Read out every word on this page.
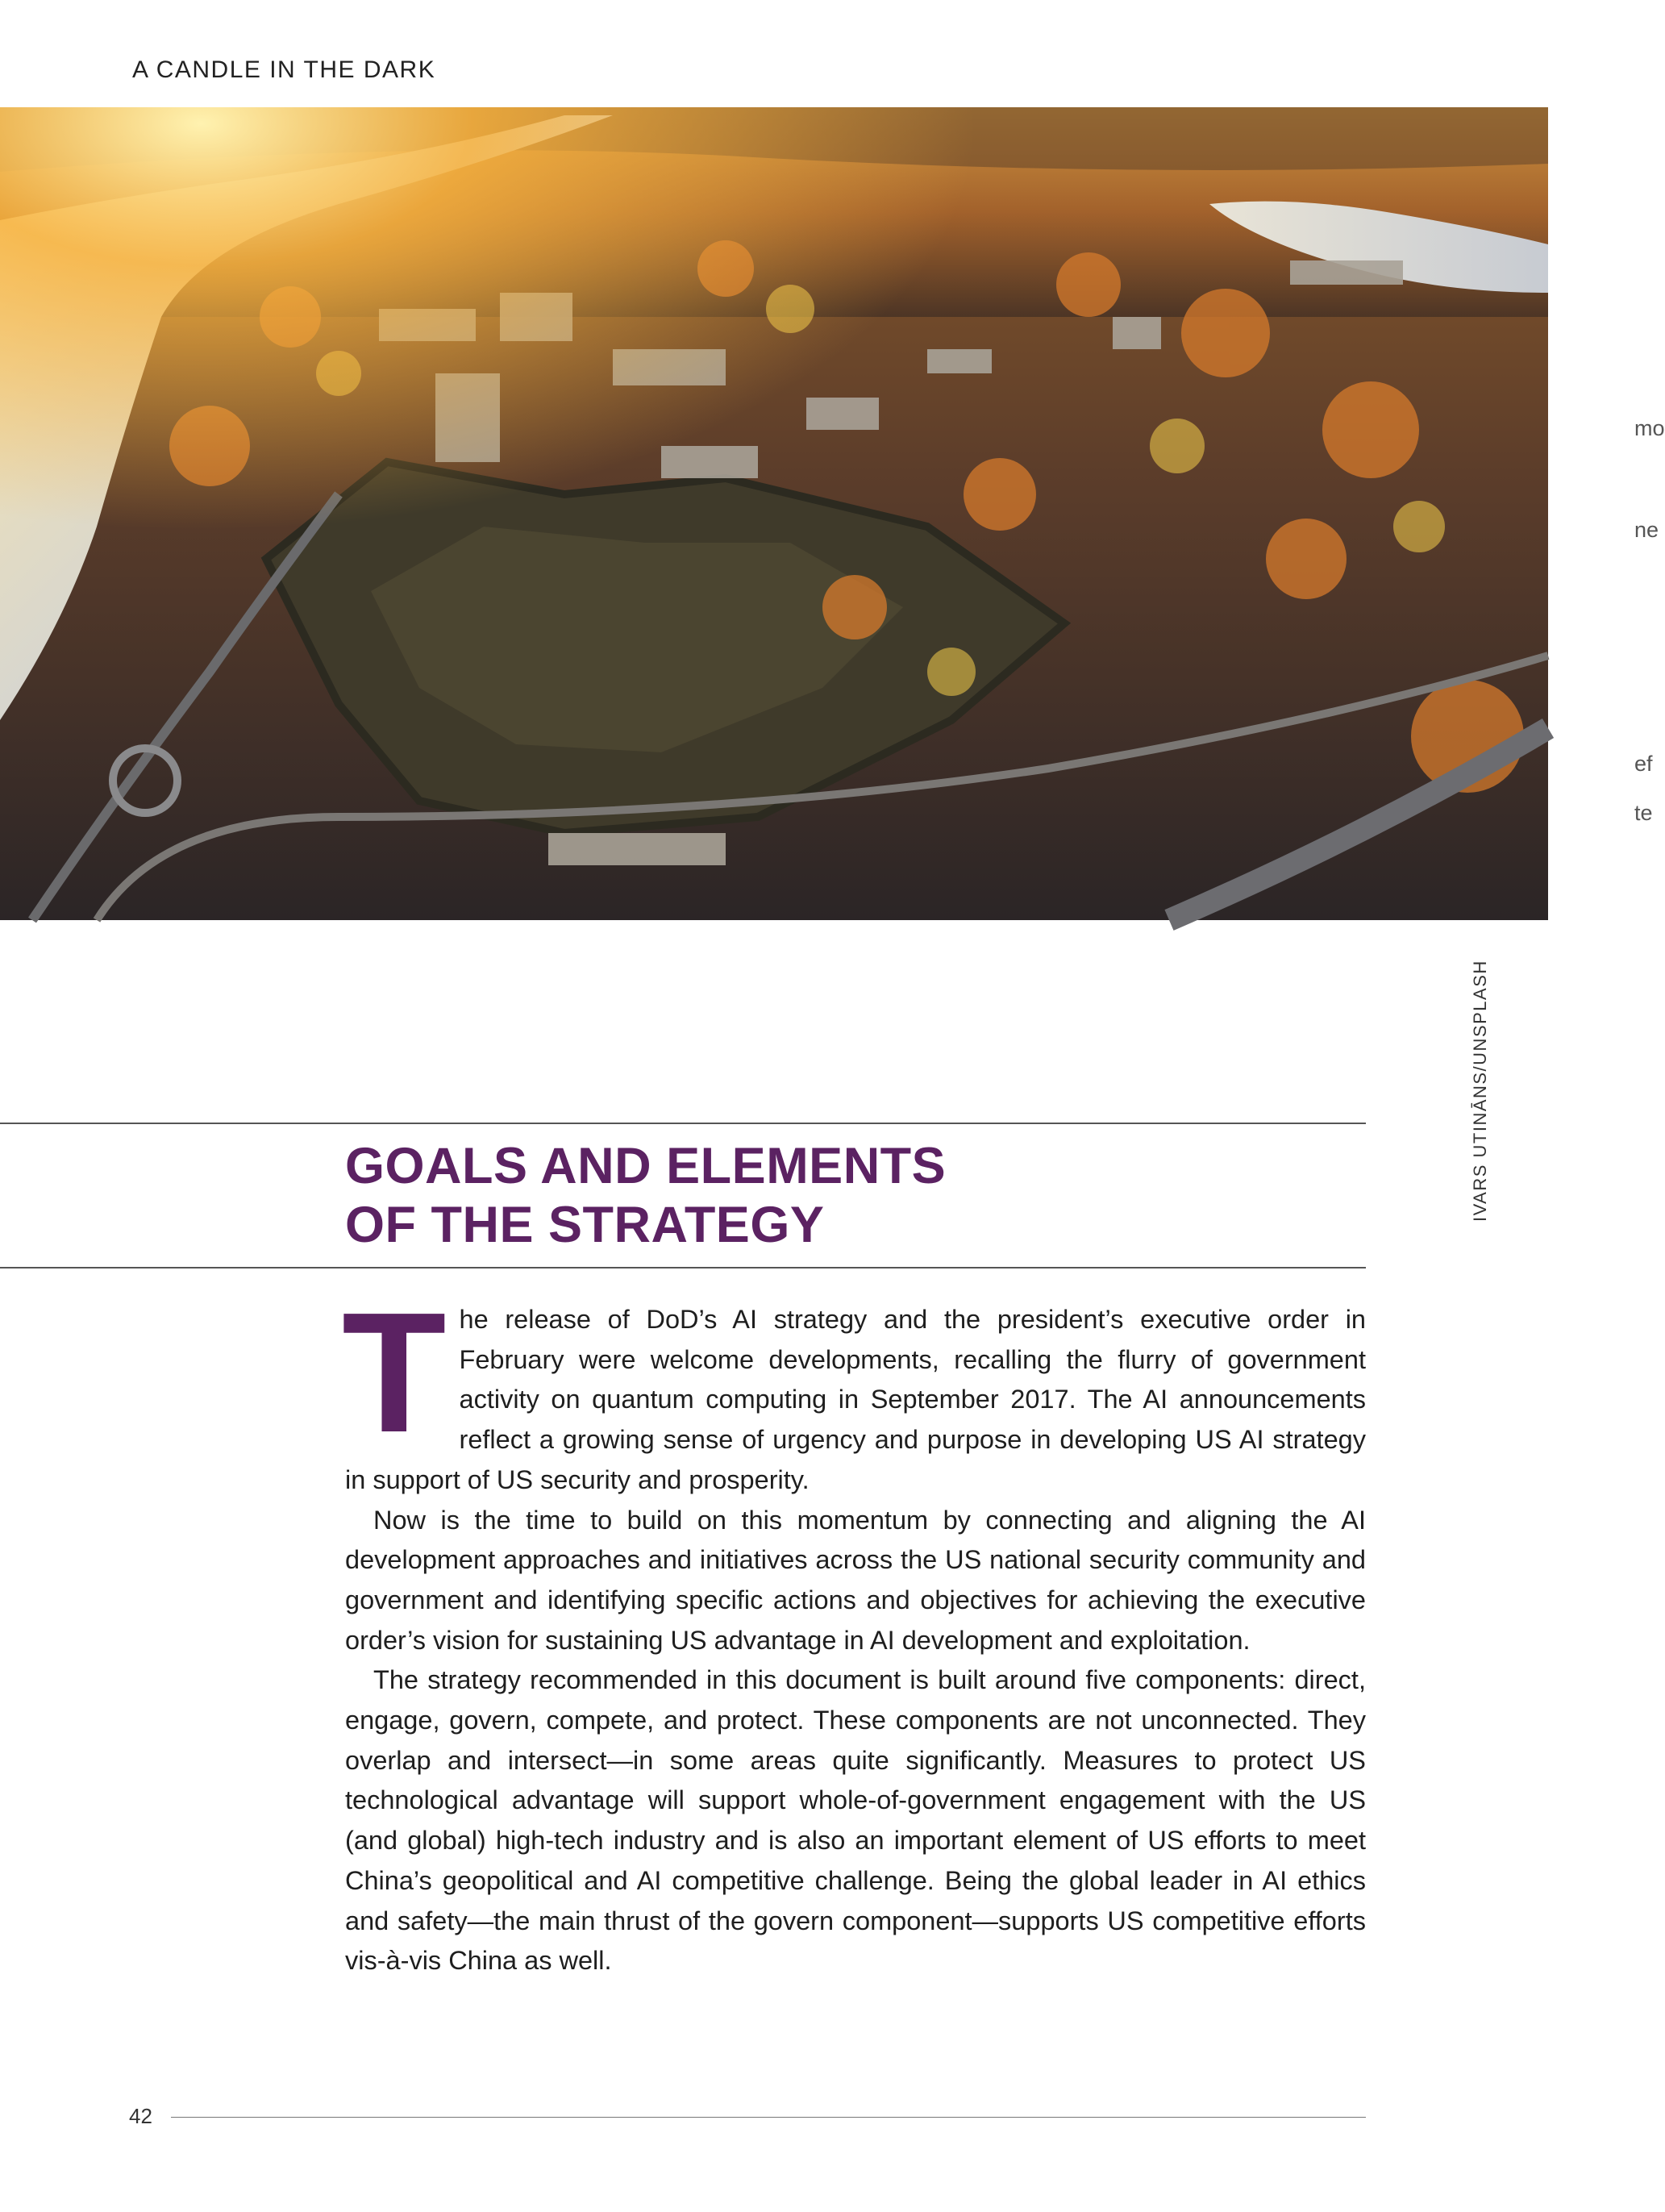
A CANDLE IN THE DARK
mo
ne
ef
te
IVARS UTINĀNS/UNSPLASH
GOALS AND ELEMENTS
OF THE STRATEGY

The release of DoD’s AI strategy and the president’s executive order in February were welcome developments, recalling the flurry of government activity on quantum computing in September 2017. The AI announcements reflect a growing sense of urgency and purpose in developing US AI strategy in support of US security and prosperity.

Now is the time to build on this momentum by connecting and aligning the AI development approaches and initiatives across the US national security community and government and identifying specific actions and objectives for achieving the executive order’s vision for sustaining US advantage in AI development and exploitation.

The strategy recommended in this document is built around five components: direct, engage, govern, compete, and protect. These components are not unconnected. They overlap and intersect—in some areas quite significantly. Measures to protect US technological advantage will support whole-of-government engagement with the US (and global) high-tech industry and is also an important element of US efforts to meet China’s geopolitical and AI competitive challenge. Being the global leader in AI ethics and safety—the main thrust of the govern component—supports US competitive efforts vis-à-vis China as well.

42
